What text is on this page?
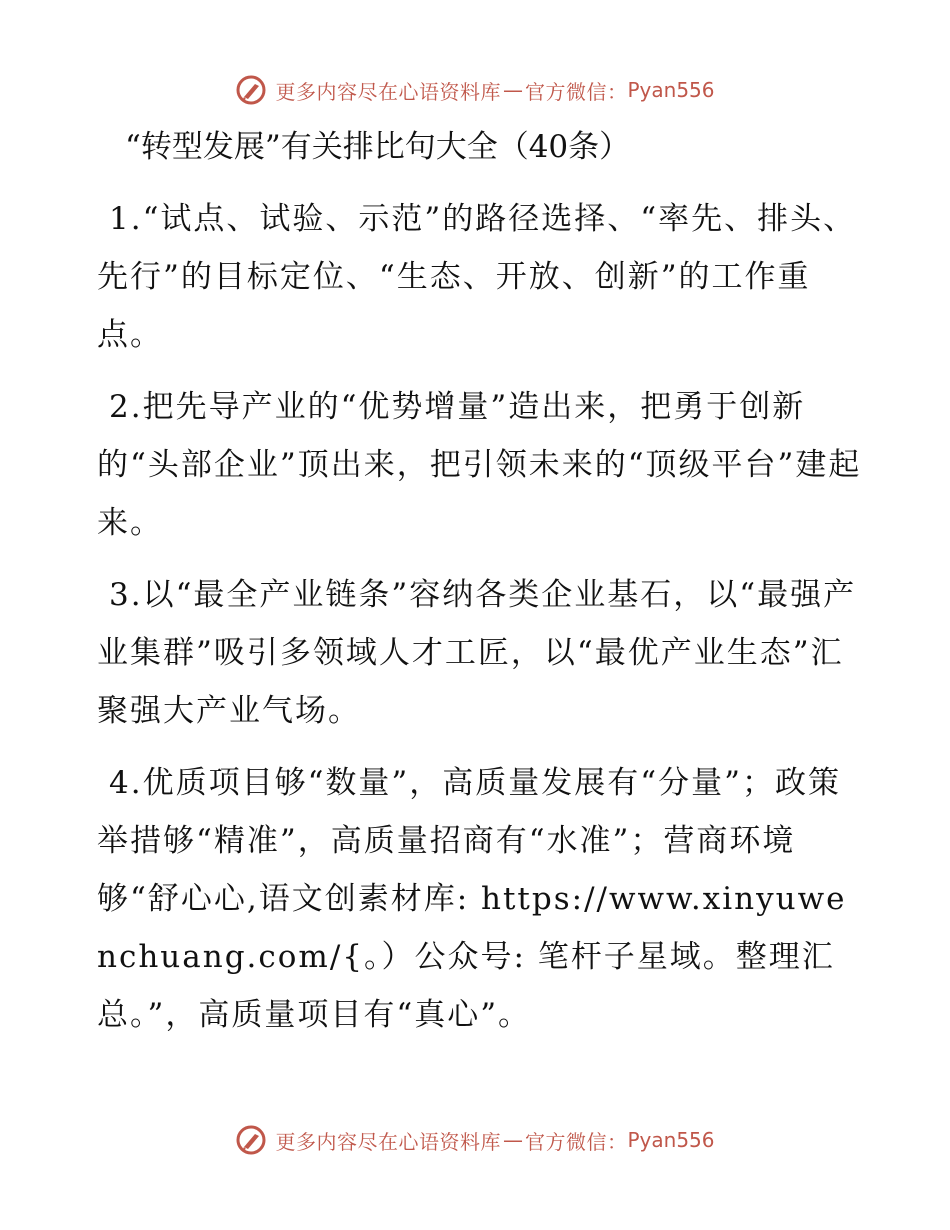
更多内容尽在心语资料库 — 官方微信： Pyan556
“转型发展”有关排比句大全（40条）

1.“试点、试验、示范”的路径选择、“率先、排头、先行”的目标定位、“生态、开放、创新”的工作重点。

2.把先导产业的“优势增量”造出来，把勇于创新的“头部企业”顶出来，把引领未来的“顶级平台”建起来。

3.以“最全产业链条”容纳各类企业基石，以“最强产业集群”吸引多领域人才工匠，以“最优产业生态”汇聚强大产业气场。

4.优质项目够“数量”，高质量发展有“分量”；政策举措够“精准”，高质量招商有“水准”；营商环境够“舒心心,语文创素材库: https://www.xinyuwenchuang.com/{。）公众号: 笔杆子星域。整理汇总。”，高质量项目有“真心”。

更多内容尽在心语资料库 — 官方微信： Pyan556
